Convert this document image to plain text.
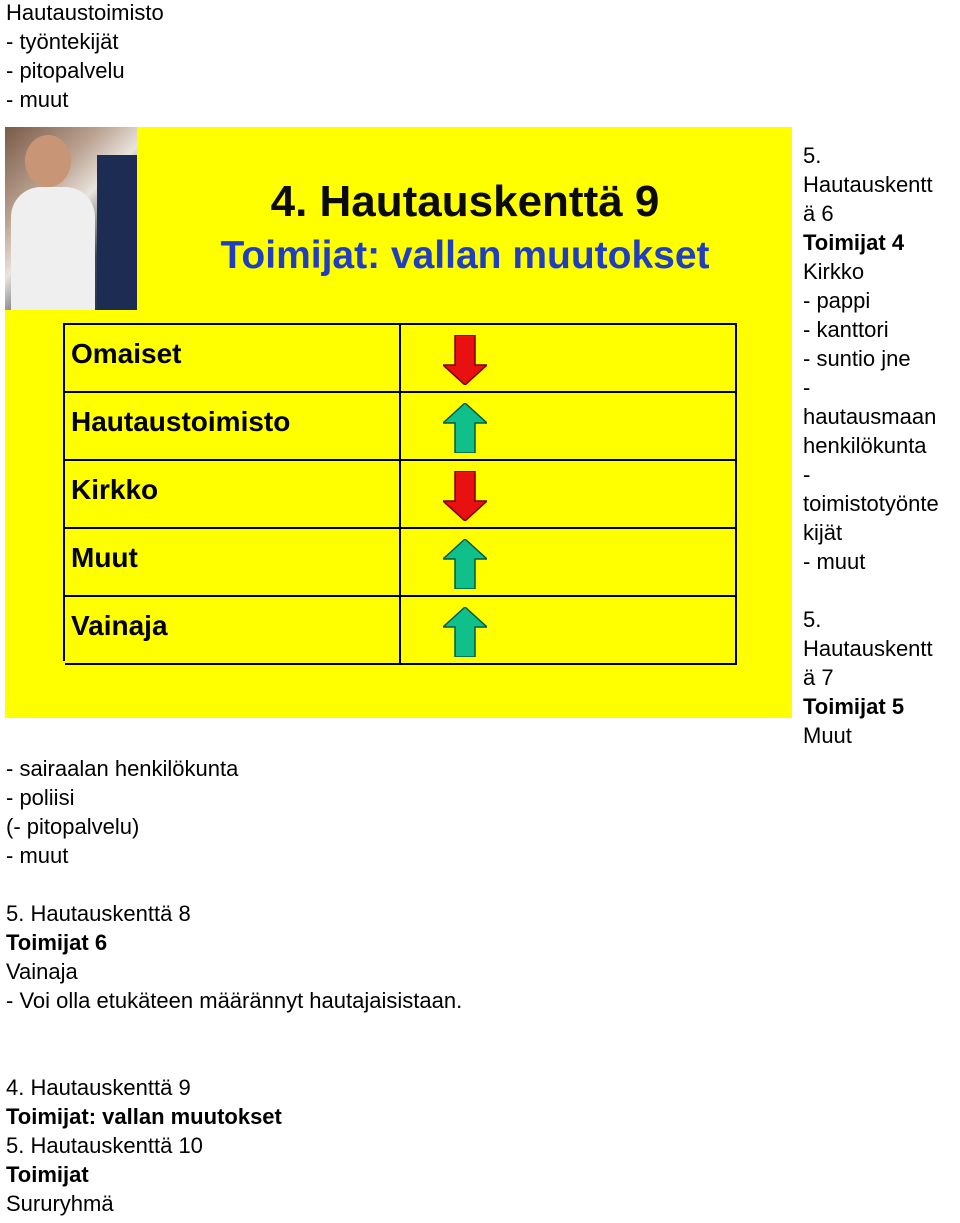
Hautaustoimisto
- työntekijät
- pitopalvelu
- muut
4. Hautauskenttä 9
Toimijat: vallan muutokset
Omaiset
Hautaustoimisto
Kirkko
Muut
Vainaja
5.
Hautauskentt
ä 6
Toimijat 4
Kirkko
- pappi
- kanttori
- suntio jne
-
hautausmaan
henkilökunta
-
toimistotyönte
kijät
- muut
5.
Hautauskentt
ä 7
Toimijat 5
Muut
- sairaalan henkilökunta
- poliisi
(- pitopalvelu)
- muut
5. Hautauskenttä 8
Toimijat 6
Vainaja
- Voi olla etukäteen määrännyt hautajaisistaan.
4. Hautauskenttä 9
Toimijat: vallan muutokset
5. Hautauskenttä 10
Toimijat
Sururyhmä
